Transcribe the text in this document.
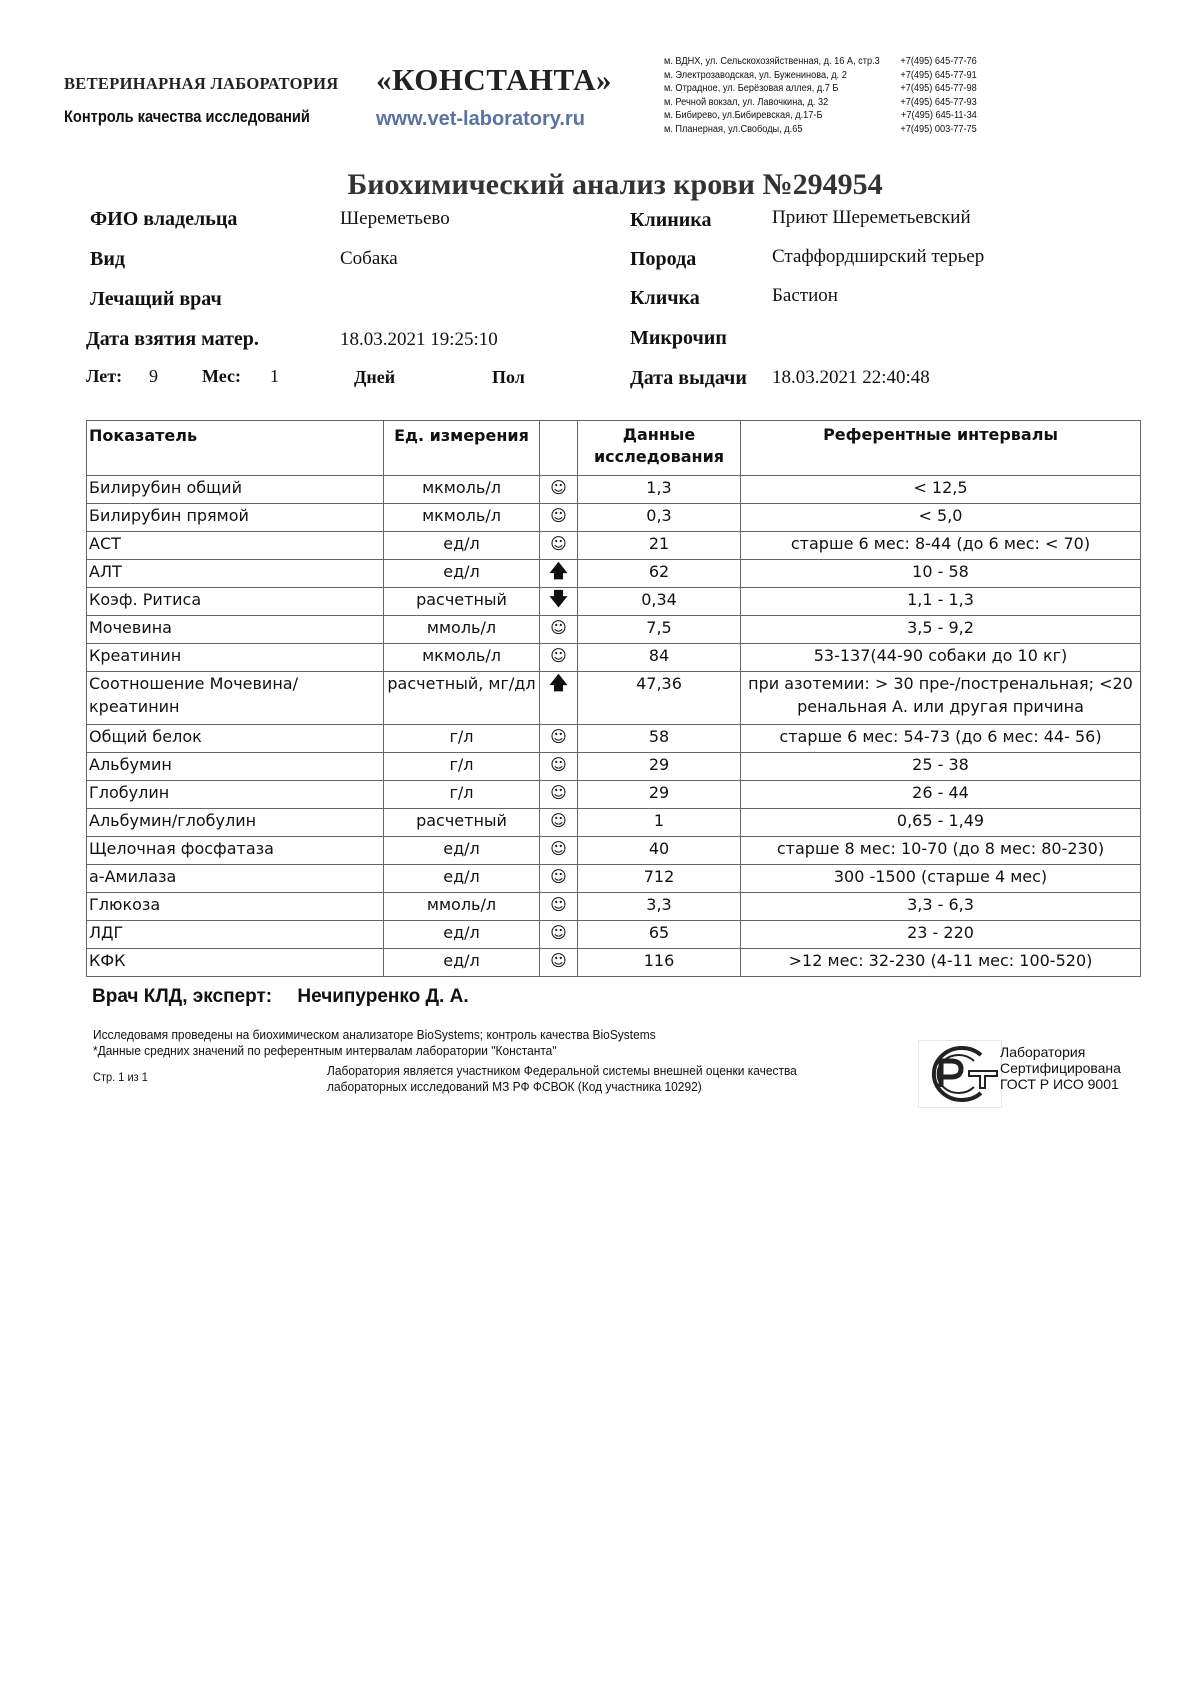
ВЕТЕРИНАРНАЯ ЛАБОРАТОРИЯ «КОНСТАНТА»
Контроль качества исследований	www.vet-laboratory.ru
м. ВДНХ, ул. Сельскохозяйственная, д. 16 А, стр.3 +7(495) 645-77-76
м. Электрозаводская, ул. Буженинова, д. 2	+7(495) 645-77-91
м. Отрадное, ул. Берёзовая аллея, д.7 Б	+7(495) 645-77-98
м. Речной вокзал, ул. Лавочкина, д. 32	+7(495) 645-77-93
м. Бибирево, ул.Бибиревская, д.17-Б	+7(495) 645-11-34
м. Планерная, ул.Свободы, д.65	+7(495) 003-77-75
Биохимический анализ крови №294954
ФИО владельца	Шереметьево
Вид	Собака
Лечащий врач
Дата взятия матер.	18.03.2021 19:25:10
Лет: 9 Мес: 1	Дней	Пол
Клиника	Приют Шереметьевский
Порода	Стаффордширский терьер
Кличка	Бастион
Микрочип
Дата выдачи 18.03.2021 22:40:48
Показатель	Ед. измерения		Данные исследования	Референтные интервалы
Билирубин общий	мкмоль/л	☺	1,3	< 12,5
Билирубин прямой	мкмоль/л	☺	0,3	< 5,0
АСТ	ед/л	☺	21	старше 6 мес: 8-44 (до 6 мес: < 70)
АЛТ	ед/л	🡅	62	10 - 58
Коэф. Ритиса	расчетный	🡇	0,34	1,1 - 1,3
Мочевина	ммоль/л	☺	7,5	3,5 - 9,2
Креатинин	мкмоль/л	☺	84	53-137(44-90 собаки до 10 кг)
Соотношение Мочевина/креатинин	расчетный, мг/дл	🡅	47,36	при азотемии: > 30 пре-/постренальная; <20 ренальная А. или другая причина
Общий белок	г/л	☺	58	старше 6 мес: 54-73 (до 6 мес: 44- 56)
Альбумин	г/л	☺	29	25 - 38
Глобулин	г/л	☺	29	26 - 44
Альбумин/глобулин	расчетный	☺	1	0,65 - 1,49
Щелочная фосфатаза	ед/л	☺	40	старше 8 мес: 10-70 (до 8 мес: 80-230)
а-Амилаза	ед/л	☺	712	300 -1500 (старше 4 мес)
Глюкоза	ммоль/л	☺	3,3	3,3 - 6,3
ЛДГ	ед/л	☺	65	23 - 220
КФК	ед/л	☺	116	>12 мес: 32-230 (4-11 мес: 100-520)
Врач КЛД, эксперт: Нечипуренко Д. А.
Исследовамя проведены на биохимическом анализаторе BioSystems; контроль качества BioSystems
*Данные средних значений по референтным интервалам лаборатории "Константа"
Стр. 1 из 1	Лаборатория является участником Федеральной системы внешней оценки качества
лабораторных исследований МЗ РФ ФСВОК (Код участника 10292)
Лаборатория
Сертифицирована
ГОСТ Р ИСО 9001
